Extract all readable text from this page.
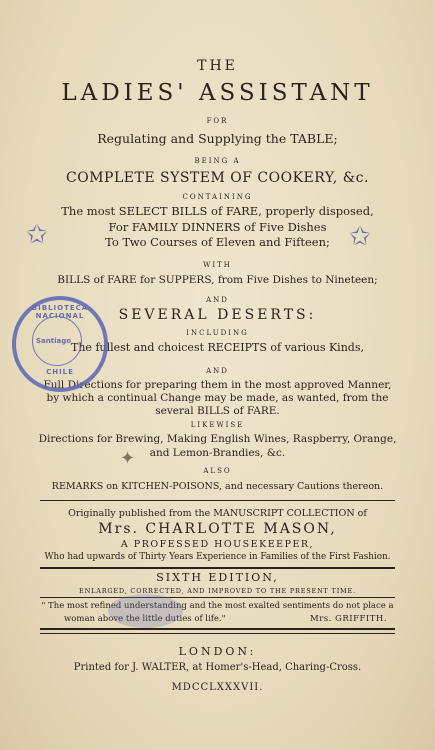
THE
LADIES' ASSISTANT
FOR
Regulating and Supplying the TABLE;
BEING A
COMPLETE SYSTEM OF COOKERY, &c.
CONTAINING
The most SELECT BILLS of FARE, properly disposed,
For FAMILY DINNERS of Five Dishes
To Two Courses of Eleven and Fifteen;
WITH
BILLS of FARE for SUPPERS, from Five Dishes to Nineteen;
AND
SEVERAL DESERTS:
INCLUDING
The fullest and choicest RECEIPTS of various Kinds,
AND
Full Directions for preparing them in the most approved Manner,
by which a continual Change may be made, as wanted, from the
several BILLS of FARE.
LIKEWISE
Directions for Brewing, Making English Wines, Raspberry, Orange,
and Lemon-Brandies, &c.
ALSO
REMARKS on KITCHEN-POISONS, and necessary Cautions thereon.
Originally published from the MANUSCRIPT COLLECTION of
Mrs. CHARLOTTE MASON,
A PROFESSED HOUSEKEEPER,
Who had upwards of Thirty Years Experience in Families of the First Fashion.
SIXTH EDITION,
ENLARGED, CORRECTED, AND IMPROVED TO THE PRESENT TIME.
" The most refined understanding and the most exalted sentiments do not place a
woman above the little duties of life."	Mrs. GRIFFITH.
LONDON:
Printed for J. WALTER, at Homer's-Head, Charing-Cross.
MDCCLXXXVII.
BIBLIOTECA NACIONAL
Santiago
CHILE
✩	✩
✦
